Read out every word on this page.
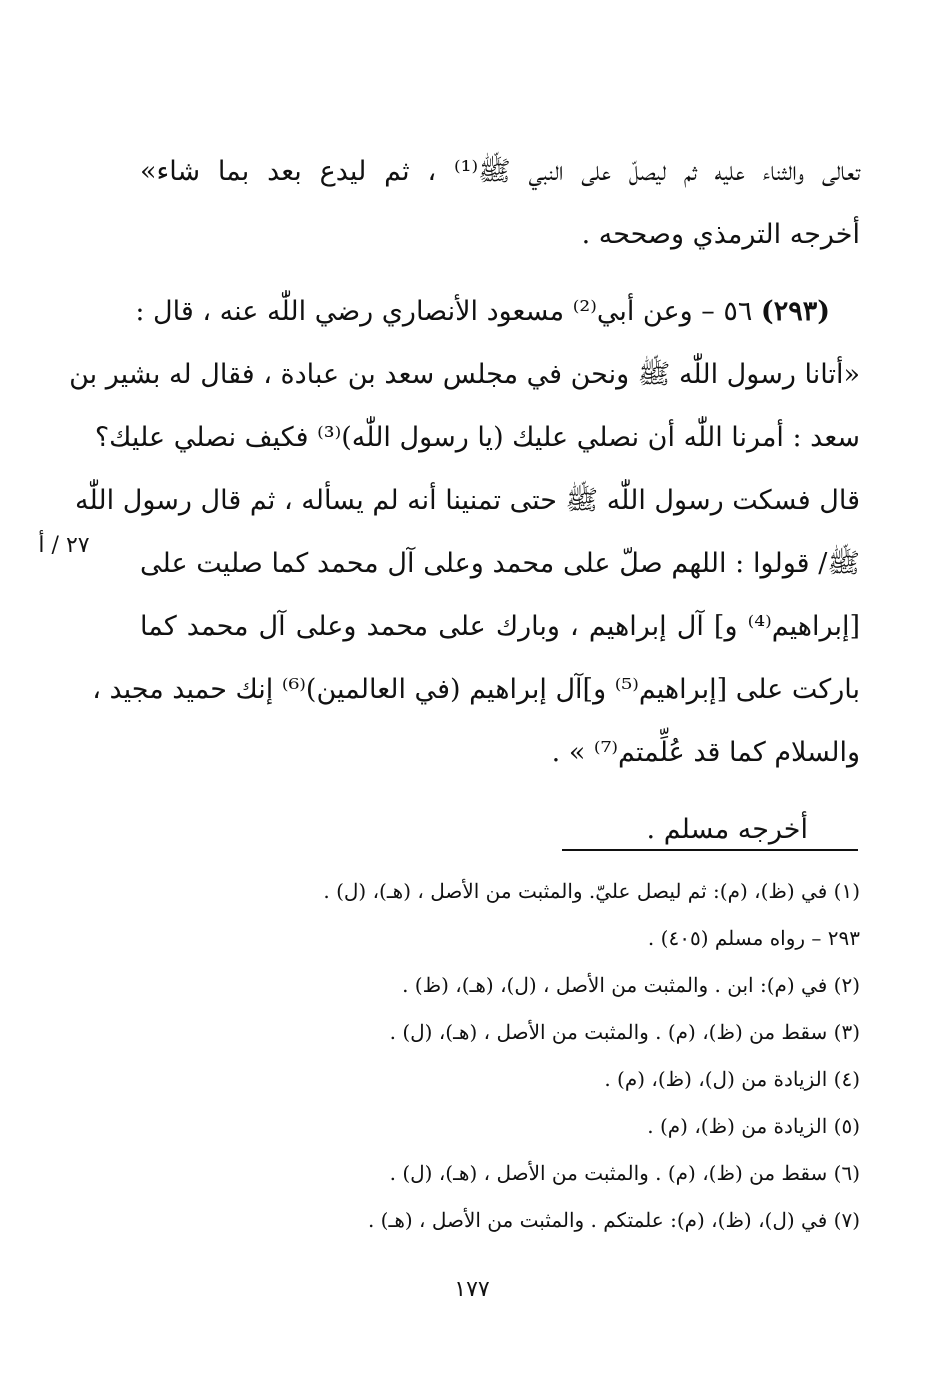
تعالى والثناء عليه ثم ليصلّ على النبي ﷺ⁽¹⁾ ، ثم ليدع بعد بما شاء»
أخرجه الترمذي وصححه .
(٢٩٣) ٥٦ – وعن أبي⁽²⁾ مسعود الأنصاري رضي اللّٰه عنه ، قال :
«أتانا رسول اللّٰه ﷺ ونحن في مجلس سعد بن عبادة ، فقال له بشير بن
سعد : أمرنا اللّٰه أن نصلي عليك (يا رسول اللّٰه)⁽³⁾ فكيف نصلي عليك؟
قال فسكت رسول اللّٰه ﷺ حتى تمنينا أنه لم يسأله ، ثم قال رسول اللّٰه
ﷺ/ قولوا : اللهم صلّ على محمد وعلى آل محمد كما صليت على
[إبراهيم⁽⁴⁾ و] آل إبراهيم ، وبارك على محمد وعلى آل محمد كما
باركت على [إبراهيم⁽⁵⁾ و]آل إبراهيم (في العالمين)⁽⁶⁾ إنك حميد مجيد ،
والسلام كما قد عُلِّمتم⁽⁷⁾ » .
أخرجه مسلم .
٢٧ / أ
(١) في (ظ)، (م): ثم ليصل عليّ. والمثبت من الأصل ، (هـ)، (ل) .
٢٩٣ – رواه مسلم (٤٠٥) .
(٢) في (م): ابن . والمثبت من الأصل ، (ل)، (هـ)، (ظ) .
(٣) سقط من (ظ)، (م) . والمثبت من الأصل ، (هـ)، (ل) .
(٤) الزيادة من (ل)، (ظ)، (م) .
(٥) الزيادة من (ظ)، (م) .
(٦) سقط من (ظ)، (م) . والمثبت من الأصل ، (هـ)، (ل) .
(٧) في (ل)، (ظ)، (م): علمتكم . والمثبت من الأصل ، (هـ) .
١٧٧
